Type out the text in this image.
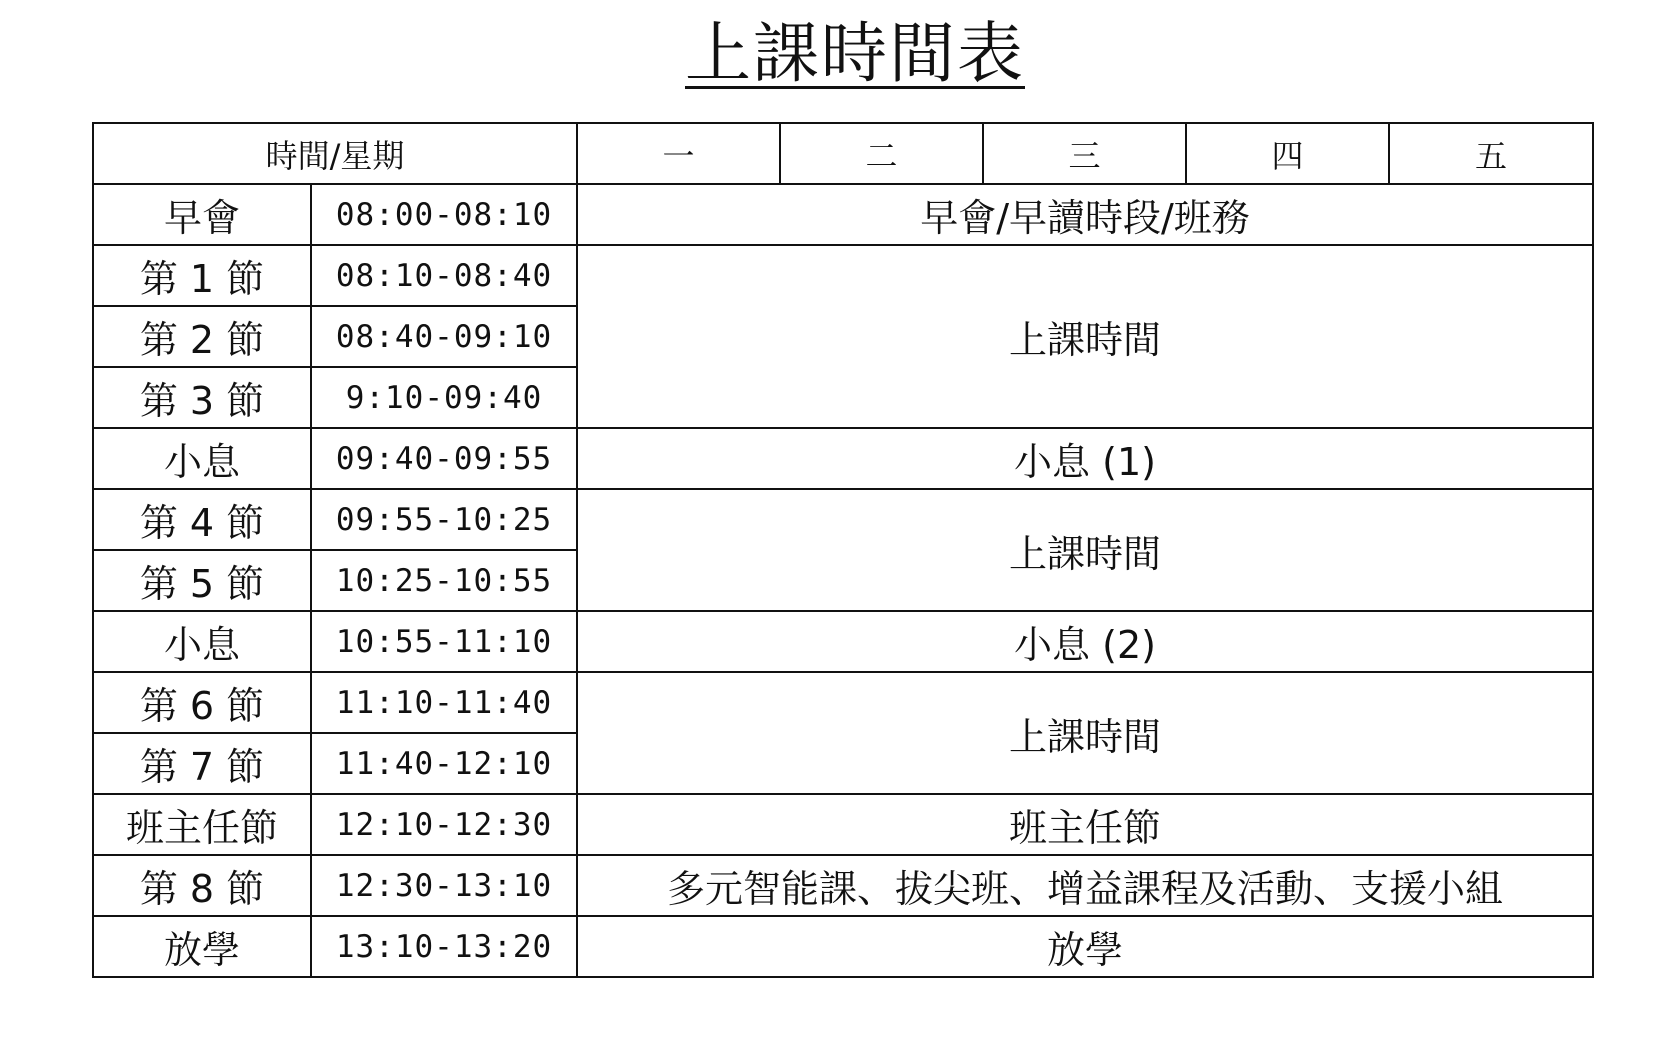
上課時間表
時間/星期		一	二	三	四	五
早會	08:00-08:10	早會/早讀時段/班務				
第 1 節	08:10-08:40	上課時間				
第 2 節	08:40-09:10					
第 3 節	9:10-09:40					
小息	09:40-09:55	小息 (1)				
第 4 節	09:55-10:25	上課時間				
第 5 節	10:25-10:55					
小息	10:55-11:10	小息 (2)				
第 6 節	11:10-11:40	上課時間				
第 7 節	11:40-12:10					
班主任節	12:10-12:30	班主任節				
第 8 節	12:30-13:10	多元智能課、拔尖班、增益課程及活動、支援小組				
放學	13:10-13:20	放學				
